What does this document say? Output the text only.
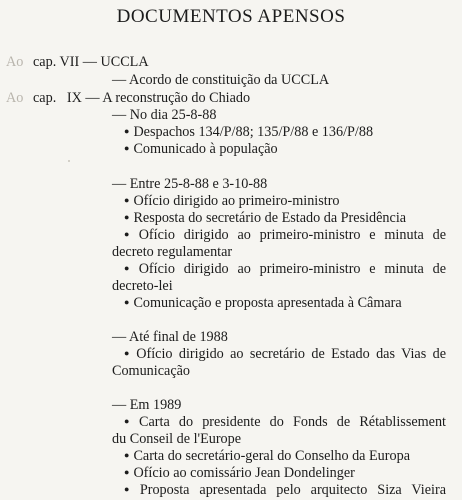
DOCUMENTOS APENSOS
Ao cap. VII — UCCLA
— Acordo de constituição da UCCLA
Ao cap.   IX — A reconstrução do Chiado
— No dia 25-8-88
● Despachos 134/P/88; 135/P/88 e 136/P/88
● Comunicado à população
— Entre 25-8-88 e 3-10-88
● Ofício dirigido ao primeiro-ministro
● Resposta do secretário de Estado da Presidência
● Ofício dirigido ao primeiro-ministro e minuta de
decreto regulamentar
● Ofício dirigido ao primeiro-ministro e minuta de
decreto-lei
● Comunicação e proposta apresentada à Câmara
— Até final de 1988
● Ofício dirigido ao secretário de Estado das Vias de
Comunicação
— Em 1989
● Carta do presidente do Fonds de Rétablissement
du Conseil de l'Europe
● Carta do secretário-geral do Conselho da Europa
● Ofício ao comissário Jean Dondelinger
● Proposta apresentada pelo arquitecto Siza Vieira
